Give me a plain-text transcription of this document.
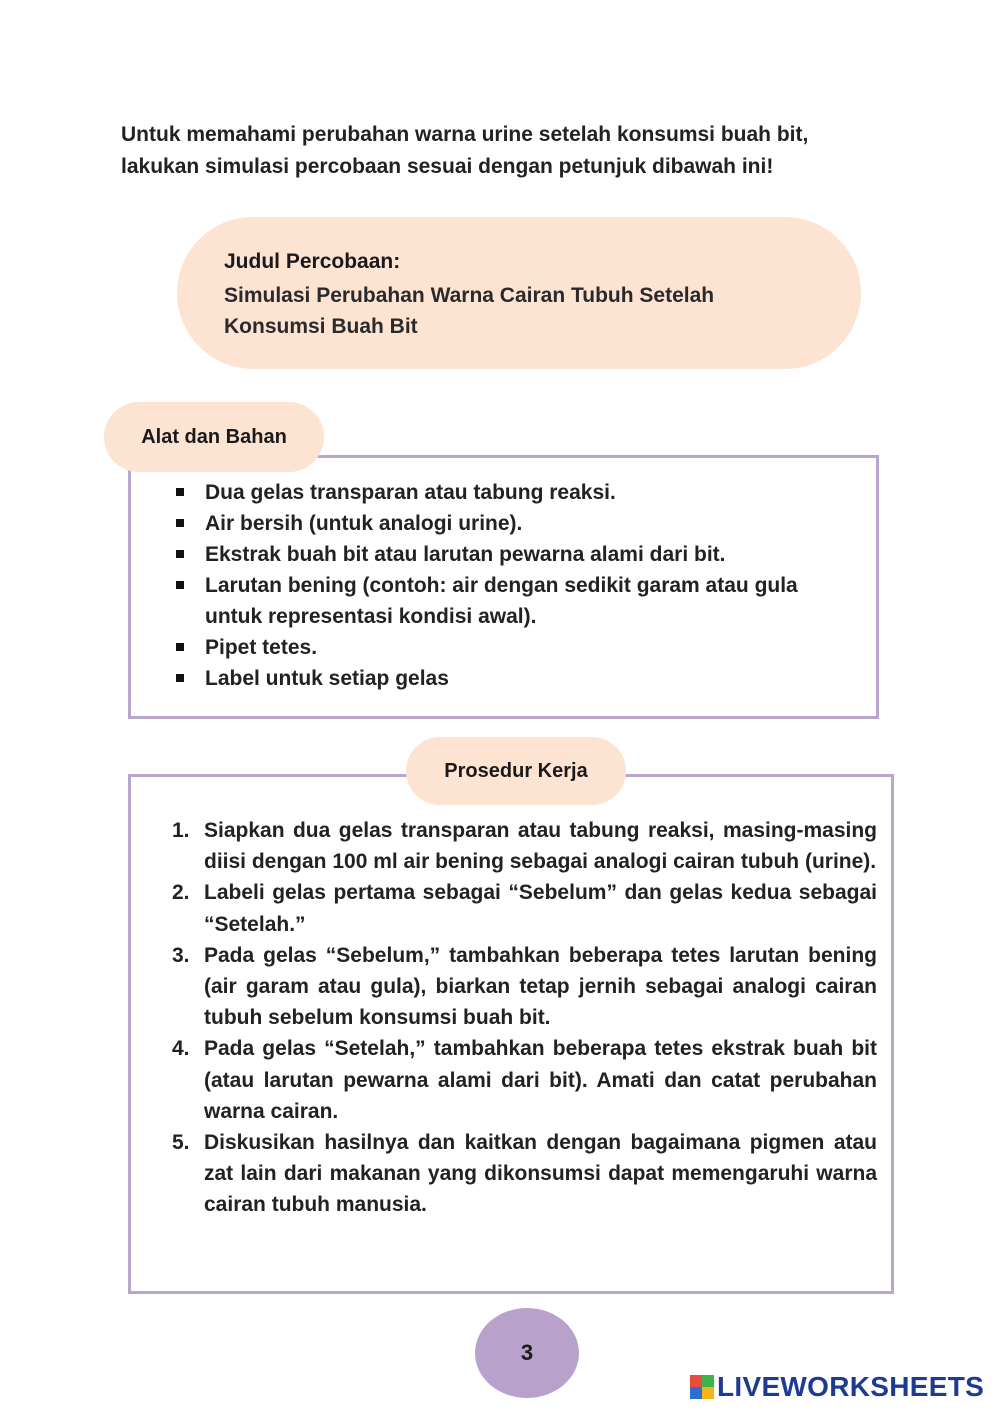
Untuk memahami perubahan warna urine setelah konsumsi buah bit, lakukan simulasi percobaan sesuai dengan petunjuk dibawah ini!
Judul Percobaan:
Simulasi Perubahan Warna Cairan Tubuh Setelah Konsumsi Buah Bit
Alat dan Bahan
Dua gelas transparan atau tabung reaksi.
Air bersih (untuk analogi urine).
Ekstrak buah bit atau larutan pewarna alami dari bit.
Larutan bening (contoh: air dengan sedikit garam atau gula untuk representasi kondisi awal).
Pipet tetes.
Label untuk setiap gelas
Prosedur Kerja
1. Siapkan dua gelas transparan atau tabung reaksi, masing-masing diisi dengan 100 ml air bening sebagai analogi cairan tubuh (urine).
2. Labeli gelas pertama sebagai “Sebelum” dan gelas kedua sebagai “Setelah.”
3. Pada gelas “Sebelum,” tambahkan beberapa tetes larutan bening (air garam atau gula), biarkan tetap jernih sebagai analogi cairan tubuh sebelum konsumsi buah bit.
4. Pada gelas “Setelah,” tambahkan beberapa tetes ekstrak buah bit (atau larutan pewarna alami dari bit). Amati dan catat perubahan warna cairan.
5. Diskusikan hasilnya dan kaitkan dengan bagaimana pigmen atau zat lain dari makanan yang dikonsumsi dapat memengaruhi warna cairan tubuh manusia.
3
LIVEWORKSHEETS
